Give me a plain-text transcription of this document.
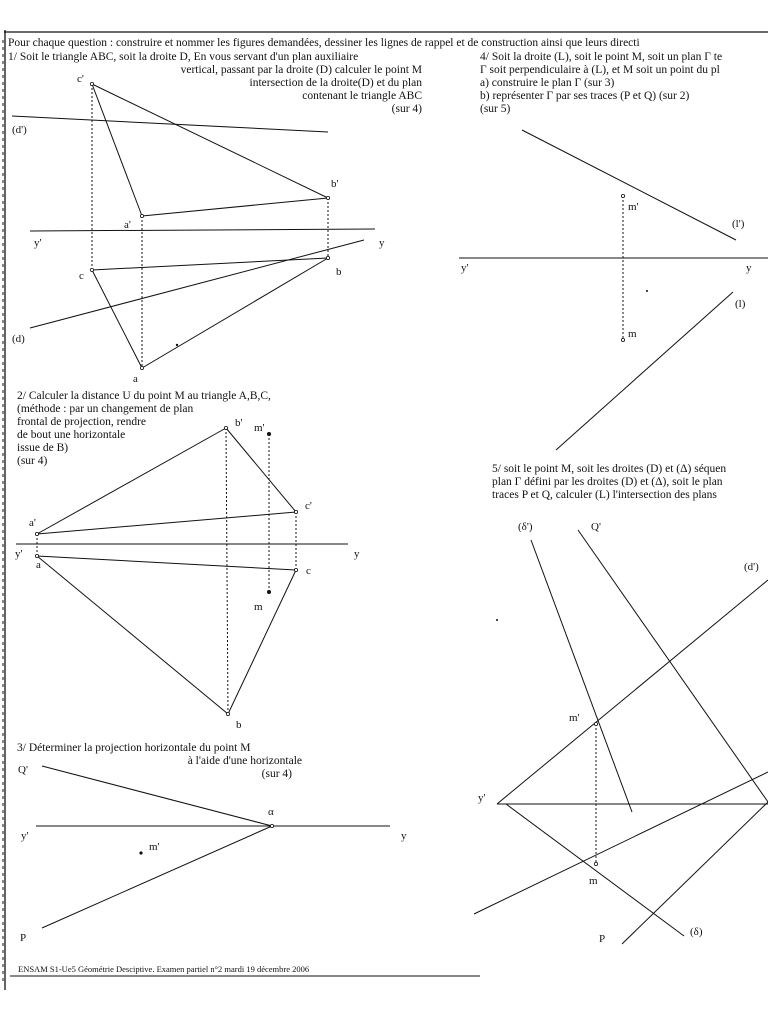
Pour chaque question : construire et nommer les figures demandées, dessiner les lignes de rappel et de construction ainsi que leurs directi
1/ Soit le triangle ABC, soit la droite D, En vous servant d'un plan auxiliaire
vertical, passant par la droite (D) calculer le point M
intersection de la droite(D) et du plan
contenant le triangle ABC
(sur 4)
c'
(d')
b'
a'
y'	y
c	b
(d)
a
2/ Calculer la distance U du point M au triangle A,B,C,
(méthode : par un changement de plan
frontal de projection, rendre
de bout une horizontale
issue de B)
(sur 4)
b' m'
c'
a'
y'
a
y
c
m
b
3/ Déterminer la projection horizontale du point M
à l'aide d'une horizontale
(sur 4)
Q'
α
y'	y
m'
P
4/ Soit la droite (L), soit le point M, soit un plan Γ te
Γ soit perpendiculaire à (L), et M soit un point du pl
a) construire le plan Γ (sur 3)
b) représenter Γ par ses traces (P et Q) (sur 2)
(sur 5)
m'
(l')
y'	y
(l)
m
5/ soit le point M, soit les droites (D) et (Δ) séquen
plan Γ défini par les droites (D) et (Δ), soit le plan
traces P et Q, calculer (L) l'intersection des plans
(δ')	Q'
(d')
m'
y'
m
P
(δ)
ENSAM S1-Ue5 Géométrie Desciptive. Examen partiel n°2 mardi 19 décembre 2006
